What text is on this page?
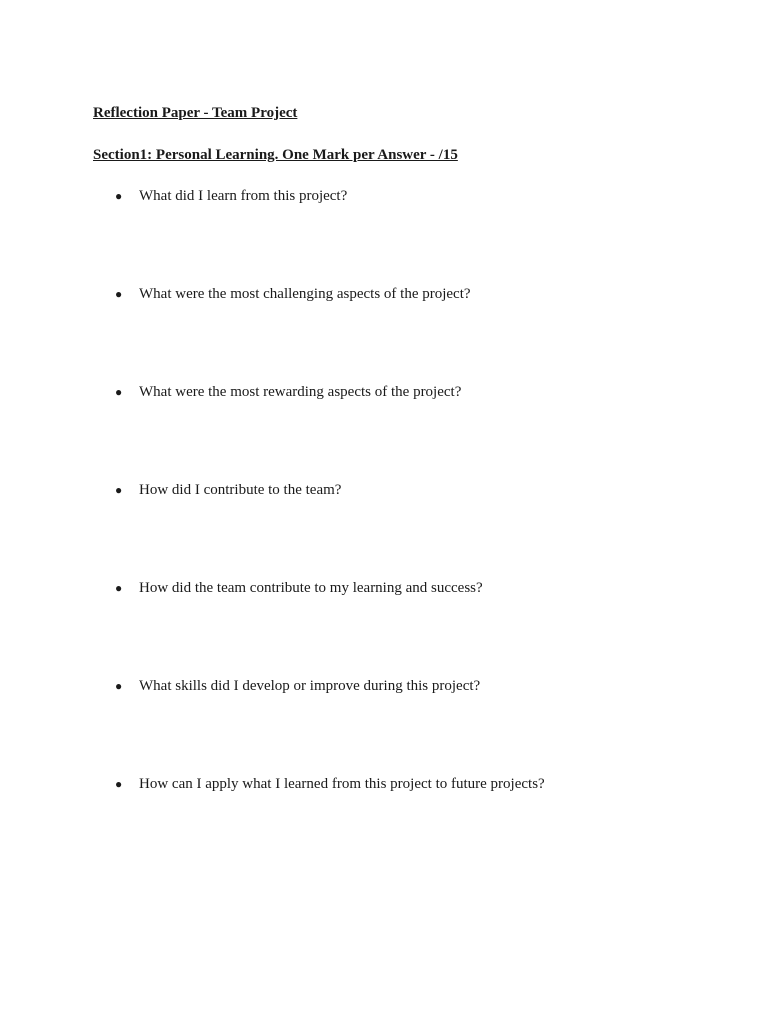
Reflection Paper - Team Project
Section1: Personal Learning. One Mark per Answer - /15
● What did I learn from this project?
● What were the most challenging aspects of the project?
● What were the most rewarding aspects of the project?
● How did I contribute to the team?
● How did the team contribute to my learning and success?
● What skills did I develop or improve during this project?
● How can I apply what I learned from this project to future projects?
